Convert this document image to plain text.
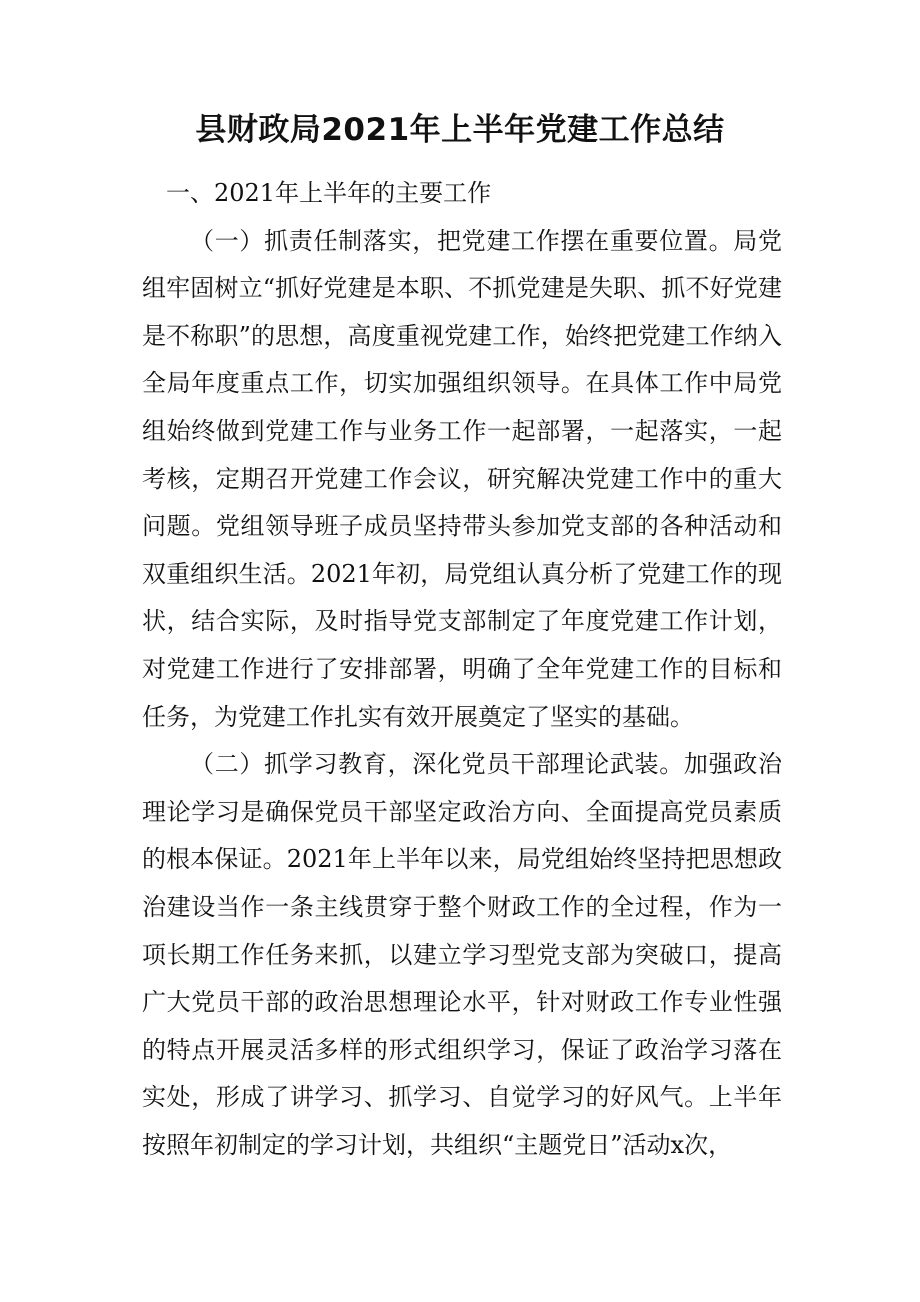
县财政局2021年上半年党建工作总结

一、2021年上半年的主要工作

（一）抓责任制落实，把党建工作摆在重要位置。局党组牢固树立“抓好党建是本职、不抓党建是失职、抓不好党建是不称职”的思想，高度重视党建工作，始终把党建工作纳入全局年度重点工作，切实加强组织领导。在具体工作中局党组始终做到党建工作与业务工作一起部署，一起落实，一起考核，定期召开党建工作会议，研究解决党建工作中的重大问题。党组领导班子成员坚持带头参加党支部的各种活动和双重组织生活。2021年初，局党组认真分析了党建工作的现状，结合实际，及时指导党支部制定了年度党建工作计划，对党建工作进行了安排部署，明确了全年党建工作的目标和任务，为党建工作扎实有效开展奠定了坚实的基础。

（二）抓学习教育，深化党员干部理论武装。加强政治理论学习是确保党员干部坚定政治方向、全面提高党员素质的根本保证。2021年上半年以来，局党组始终坚持把思想政治建设当作一条主线贯穿于整个财政工作的全过程，作为一项长期工作任务来抓，以建立学习型党支部为突破口，提高广大党员干部的政治思想理论水平，针对财政工作专业性强的特点开展灵活多样的形式组织学习，保证了政治学习落在实处，形成了讲学习、抓学习、自觉学习的好风气。上半年按照年初制定的学习计划，共组织“主题党日”活动x次，
